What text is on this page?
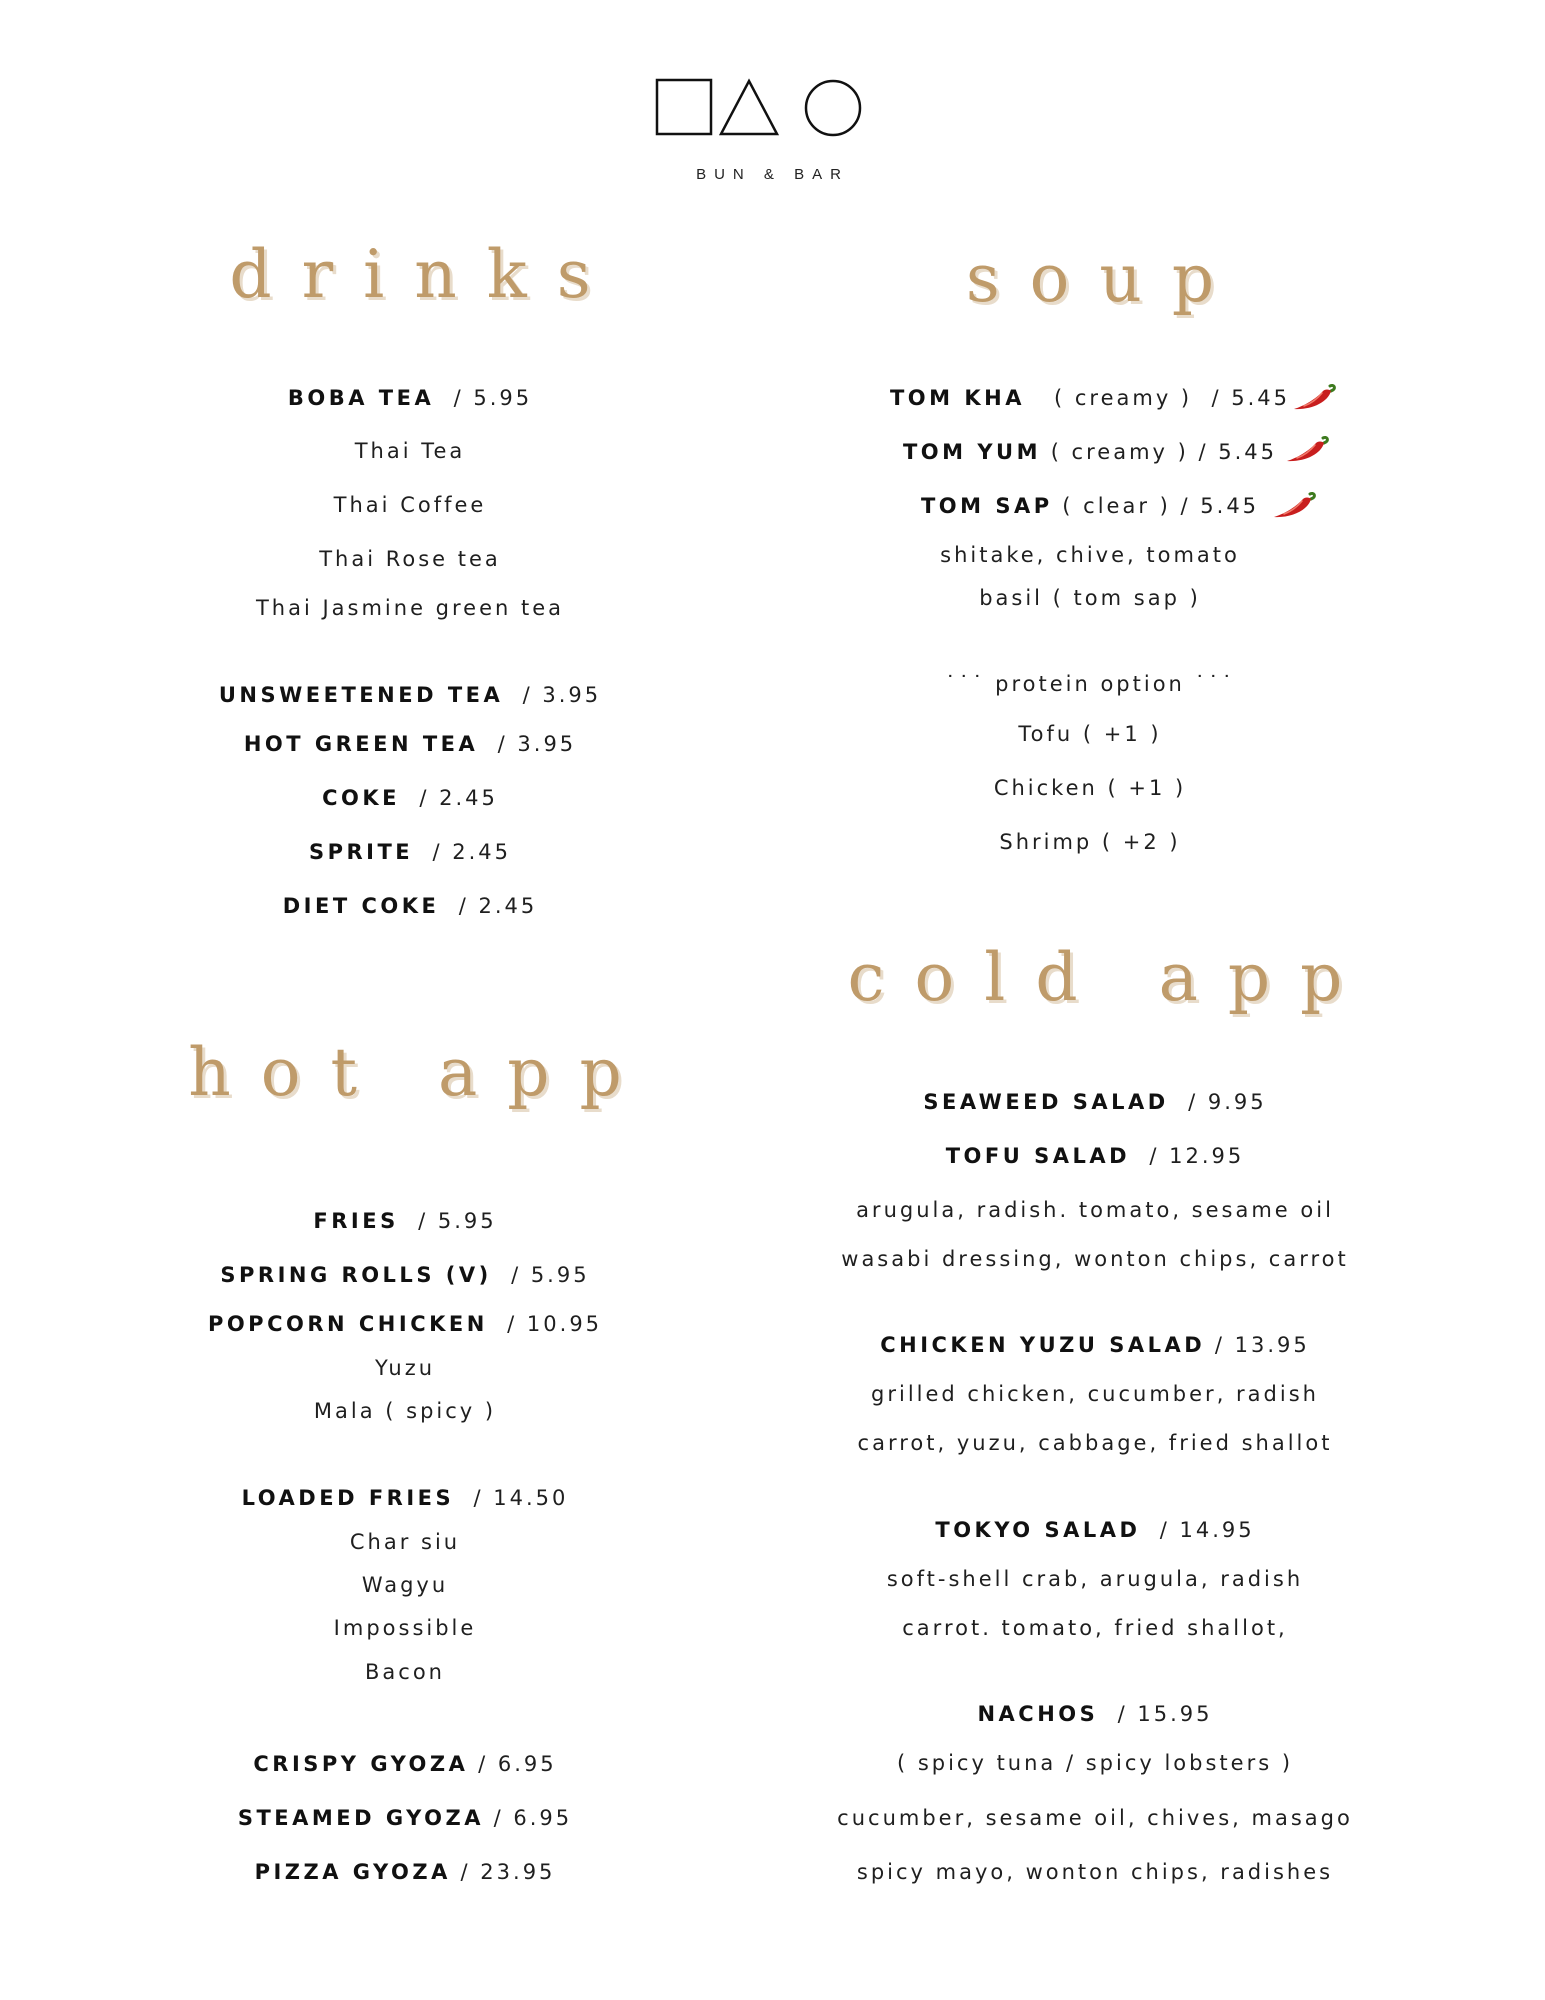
BUN & BAR
drinks
BOBA TEA / 5.95
Thai Tea
Thai Coffee
Thai Rose tea
Thai Jasmine green tea
UNSWEETENED TEA / 3.95
HOT GREEN TEA / 3.95
COKE / 2.45
SPRITE / 2.45
DIET COKE / 2.45
hot app
FRIES / 5.95
SPRING ROLLS (V) / 5.95
POPCORN CHICKEN / 10.95
Yuzu
Mala ( spicy )
LOADED FRIES / 14.50
Char siu
Wagyu
Impossible
Bacon
CRISPY GYOZA / 6.95
STEAMED GYOZA / 6.95
PIZZA GYOZA / 23.95
soup
TOM KHA ( creamy ) / 5.45
TOM YUM ( creamy ) / 5.45
TOM SAP ( clear ) / 5.45
shitake, chive, tomato
basil ( tom sap )
˙˙˙ protein option ˙˙˙
Tofu ( +1 )
Chicken ( +1 )
Shrimp ( +2 )
cold app
SEAWEED SALAD / 9.95
TOFU SALAD / 12.95
arugula, radish. tomato, sesame oil
wasabi dressing, wonton chips, carrot
CHICKEN YUZU SALAD / 13.95
grilled chicken, cucumber, radish
carrot, yuzu, cabbage, fried shallot
TOKYO SALAD / 14.95
soft-shell crab, arugula, radish
carrot. tomato, fried shallot,
NACHOS / 15.95
( spicy tuna / spicy lobsters )
cucumber, sesame oil, chives, masago
spicy mayo, wonton chips, radishes
